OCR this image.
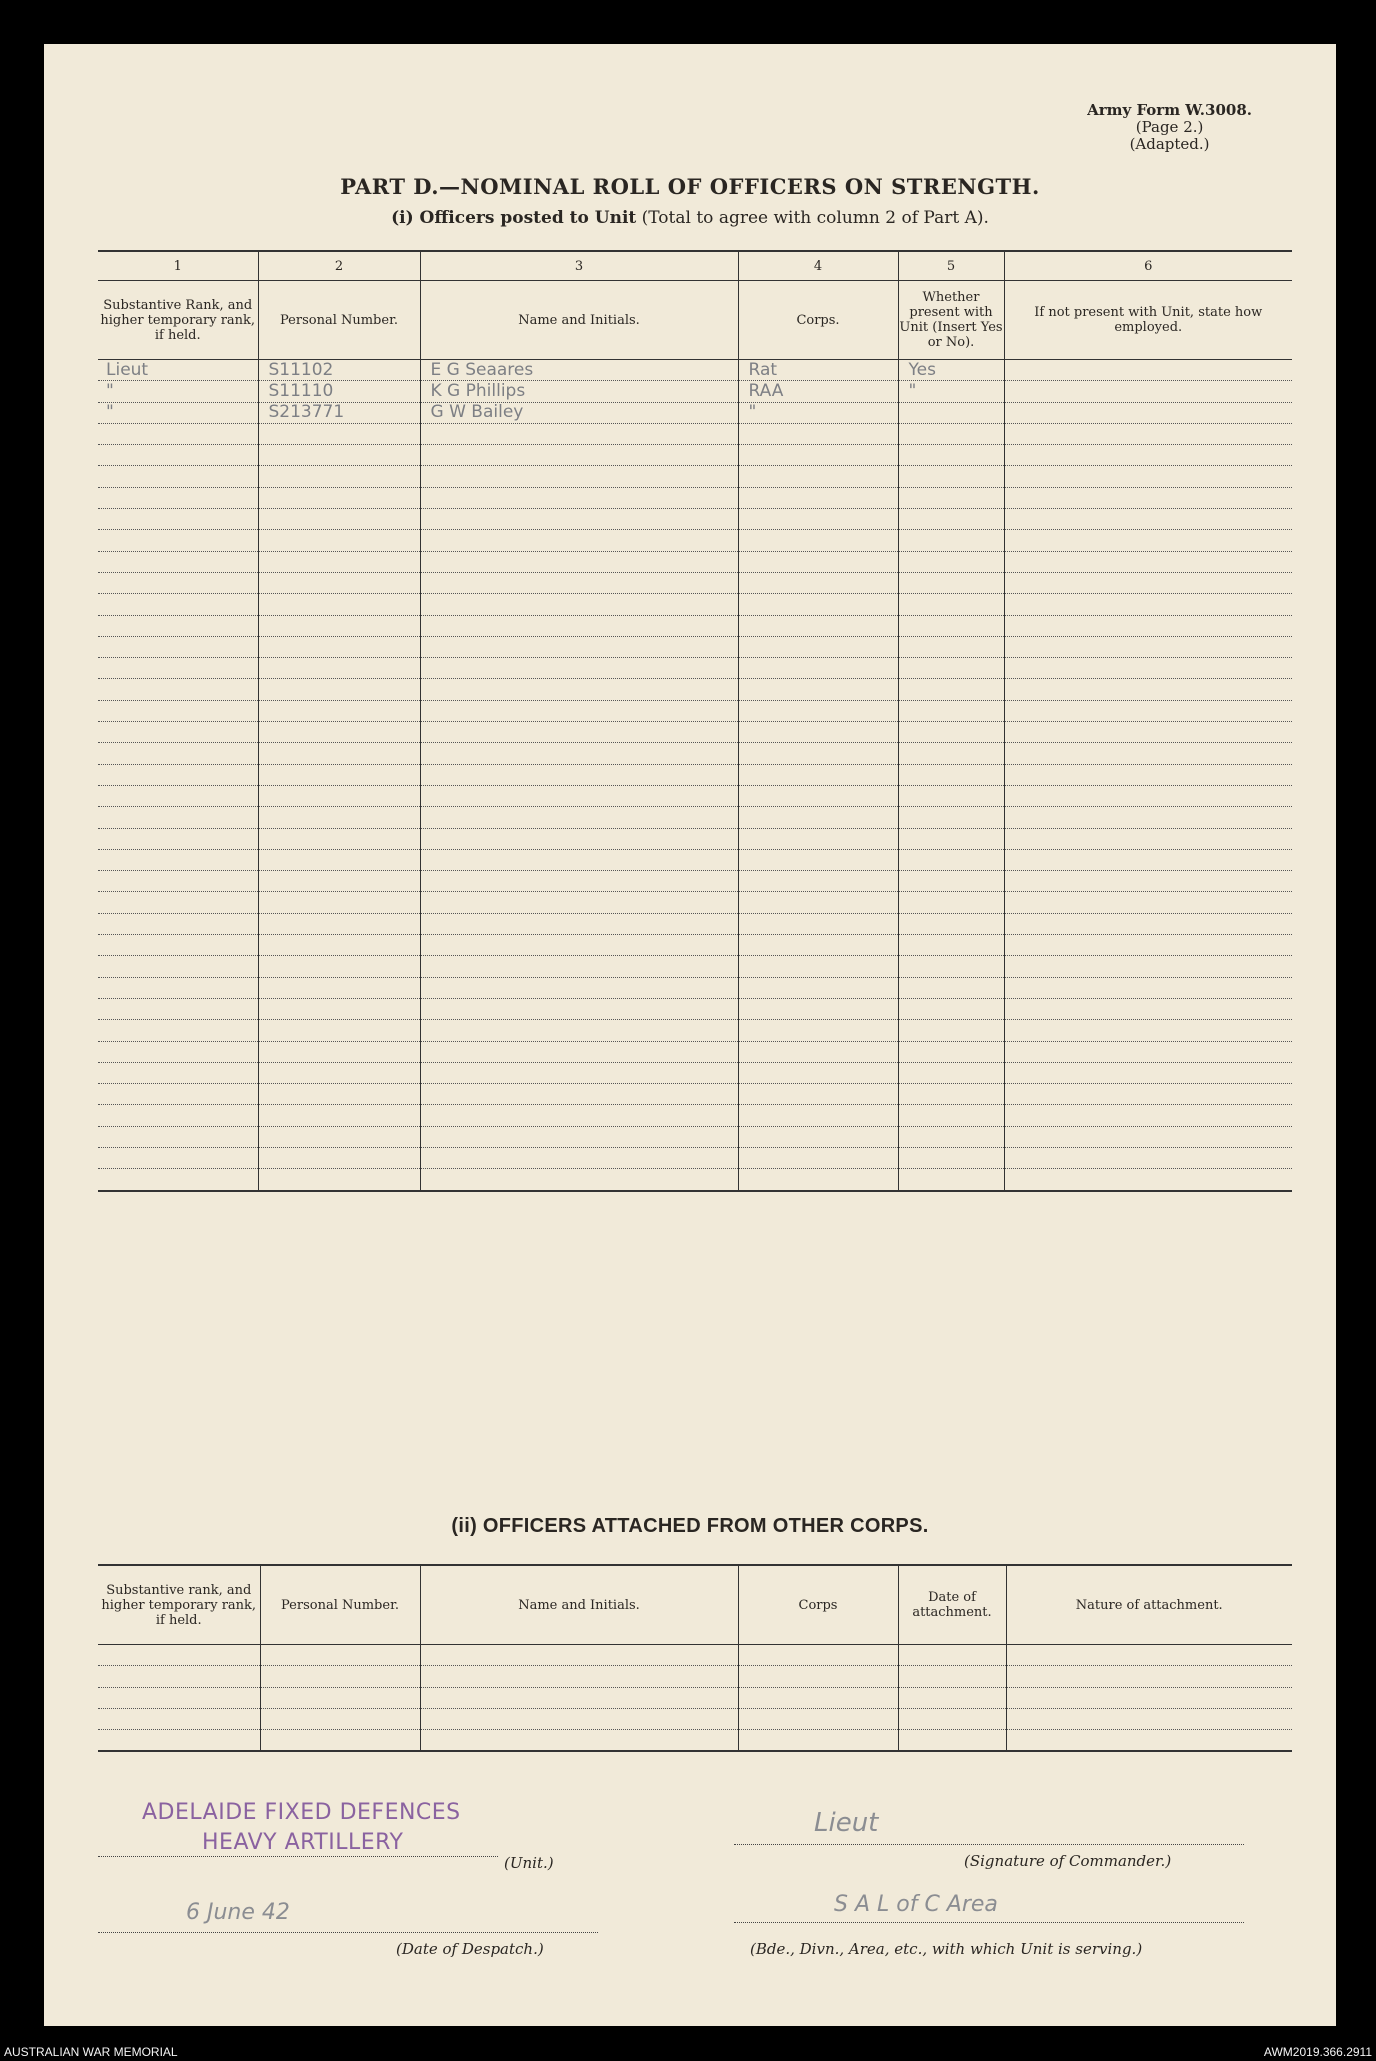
Army Form W.3008.
(Page 2.)
(Adapted.)
PART D.—NOMINAL ROLL OF OFFICERS ON STRENGTH.
(i) Officers posted to Unit (Total to agree with column 2 of Part A).
1	2	3	4	5	6
Substantive Rank, and higher temporary rank, if held.	Personal Number.	Name and Initials.	Corps.	Whether present with Unit (Insert Yes or No).	If not present with Unit, state how employed.
Lieut	S11102	E G Seaares	Rat	Yes	
"	S11110	K G Phillips	RAA	"	
"	S213771	G W Bailey	"		

(ii) OFFICERS ATTACHED FROM OTHER CORPS.
Substantive rank, and higher temporary rank, if held.	Personal Number.	Name and Initials.	Corps	Date of attachment.	Nature of attachment.

ADELAIDE FIXED DEFENCES
HEAVY ARTILLERY
(Unit.)
6 June 42
(Date of Despatch.)
Lieut
(Signature of Commander.)
S A L of C Area
(Bde., Divn., Area, etc., with which Unit is serving.)
AUSTRALIAN WAR MEMORIAL	AWM2019.366.2911
